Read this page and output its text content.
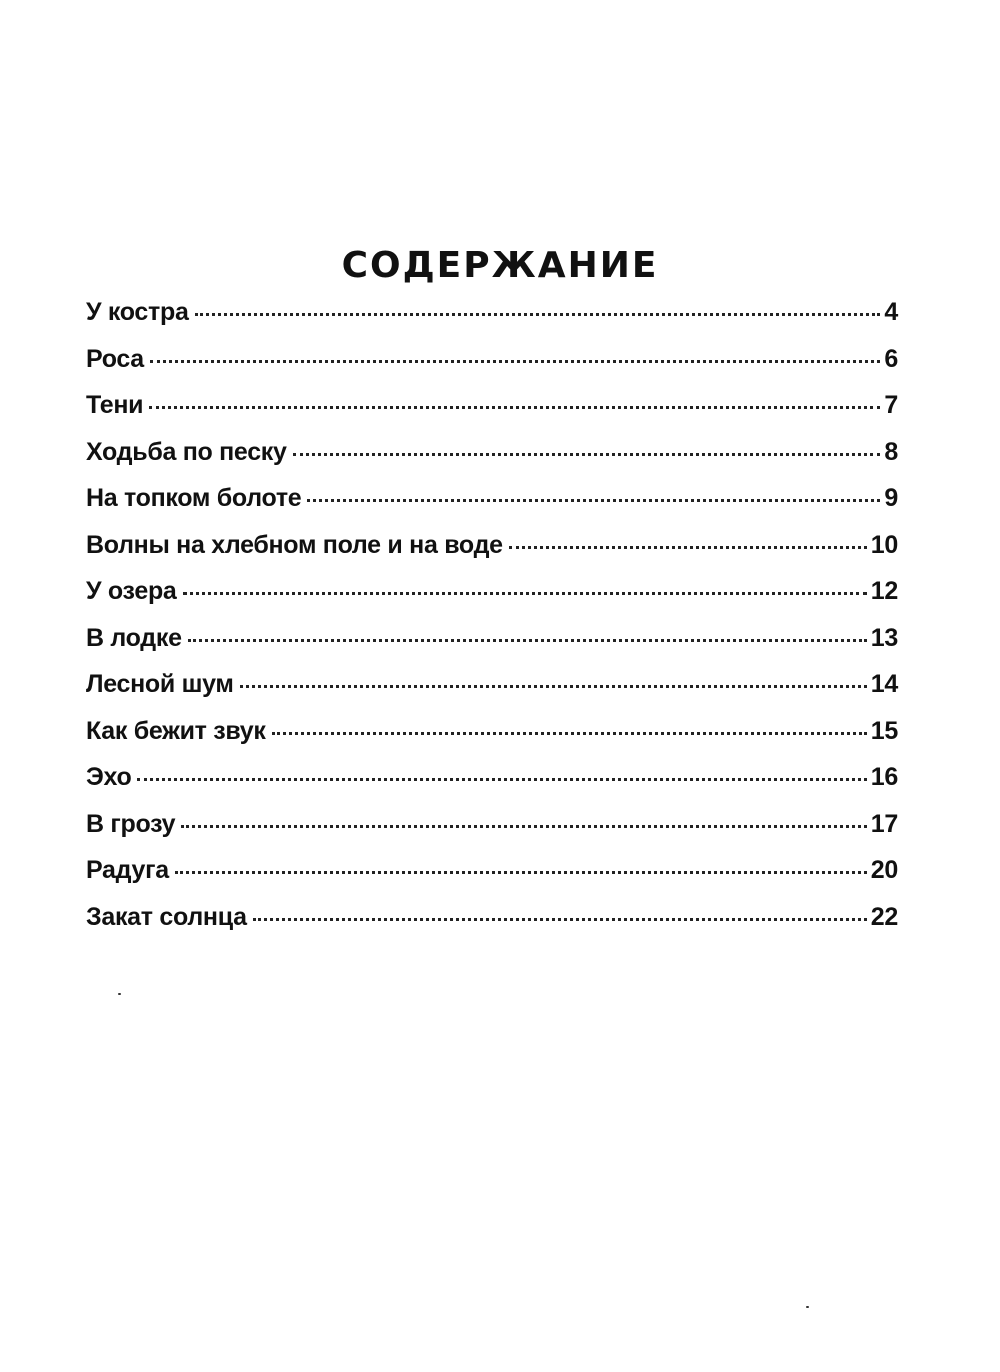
СОДЕРЖАНИЕ
У костра	4
Роса	6
Тени	7
Ходьба по песку	8
На топком болоте	9
Волны на хлебном поле и на воде	10
У озера	12
В лодке	13
Лесной шум	14
Как бежит звук	15
Эхо	16
В грозу	17
Радуга	20
Закат солнца	22
